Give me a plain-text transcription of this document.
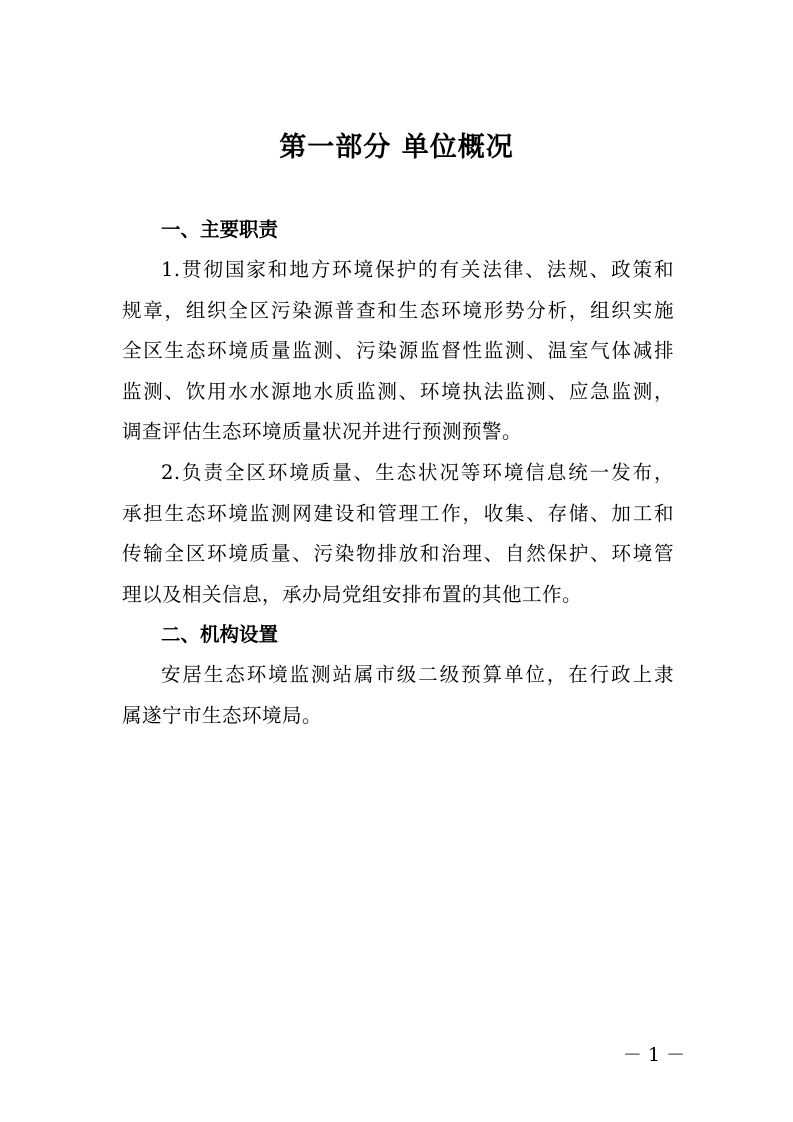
第一部分 单位概况
一、主要职责

1.贯彻国家和地方环境保护的有关法律、法规、政策和
规章，组织全区污染源普查和生态环境形势分析，组织实施
全区生态环境质量监测、污染源监督性监测、温室气体减排
监测、饮用水水源地水质监测、环境执法监测、应急监测，
调查评估生态环境质量状况并进行预测预警。

2.负责全区环境质量、生态状况等环境信息统一发布，
承担生态环境监测网建设和管理工作，收集、存储、加工和
传输全区环境质量、污染物排放和治理、自然保护、环境管
理以及相关信息，承办局党组安排布置的其他工作。

二、机构设置

安居生态环境监测站属市级二级预算单位，在行政上隶
属遂宁市生态环境局。

－ 1 －
